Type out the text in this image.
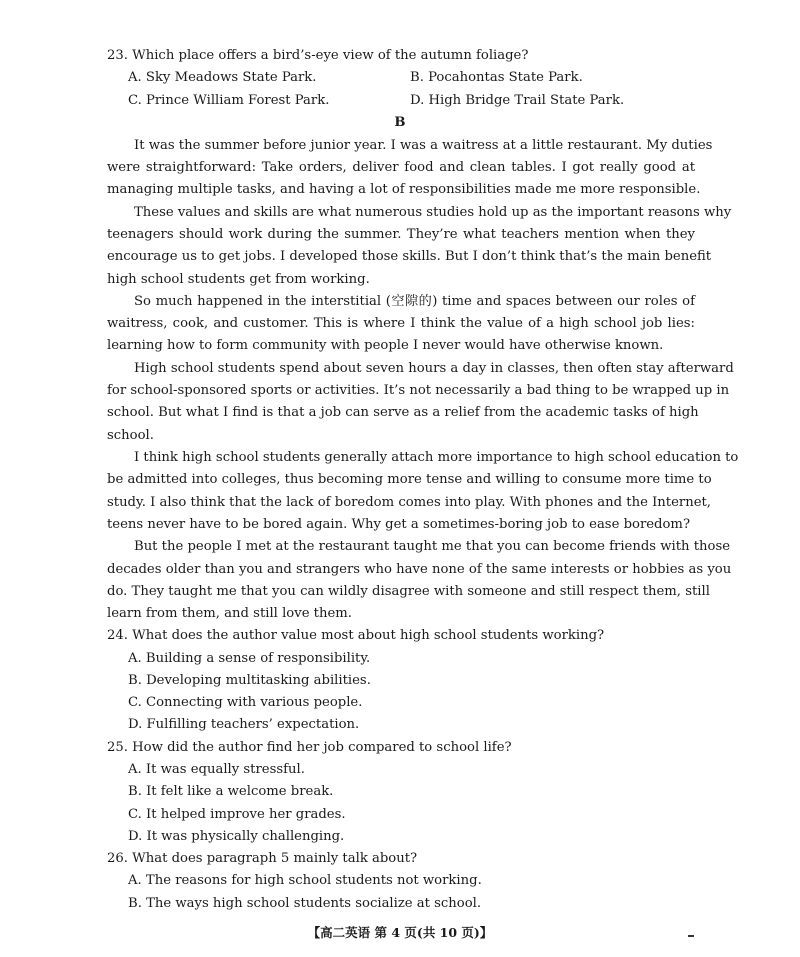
23. Which place offers a bird’s-eye view of the autumn foliage?
A. Sky Meadows State Park.	B. Pocahontas State Park.
C. Prince William Forest Park.	D. High Bridge Trail State Park.
B
It was the summer before junior year. I was a waitress at a little restaurant. My duties
were straightforward: Take orders, deliver food and clean tables. I got really good at
managing multiple tasks, and having a lot of responsibilities made me more responsible.
These values and skills are what numerous studies hold up as the important reasons why
teenagers should work during the summer. They’re what teachers mention when they
encourage us to get jobs. I developed those skills. But I don’t think that’s the main benefit
high school students get from working.
So much happened in the interstitial (空隙的) time and spaces between our roles of
waitress, cook, and customer. This is where I think the value of a high school job lies:
learning how to form community with people I never would have otherwise known.
High school students spend about seven hours a day in classes, then often stay afterward
for school-sponsored sports or activities. It’s not necessarily a bad thing to be wrapped up in
school. But what I find is that a job can serve as a relief from the academic tasks of high
school.
I think high school students generally attach more importance to high school education to
be admitted into colleges, thus becoming more tense and willing to consume more time to
study. I also think that the lack of boredom comes into play. With phones and the Internet,
teens never have to be bored again. Why get a sometimes-boring job to ease boredom?
But the people I met at the restaurant taught me that you can become friends with those
decades older than you and strangers who have none of the same interests or hobbies as you
do. They taught me that you can wildly disagree with someone and still respect them, still
learn from them, and still love them.
24. What does the author value most about high school students working?
A. Building a sense of responsibility.
B. Developing multitasking abilities.
C. Connecting with various people.
D. Fulfilling teachers’ expectation.
25. How did the author find her job compared to school life?
A. It was equally stressful.
B. It felt like a welcome break.
C. It helped improve her grades.
D. It was physically challenging.
26. What does paragraph 5 mainly talk about?
A. The reasons for high school students not working.
B. The ways high school students socialize at school.
【高二英语 第 4 页(共 10 页)】
